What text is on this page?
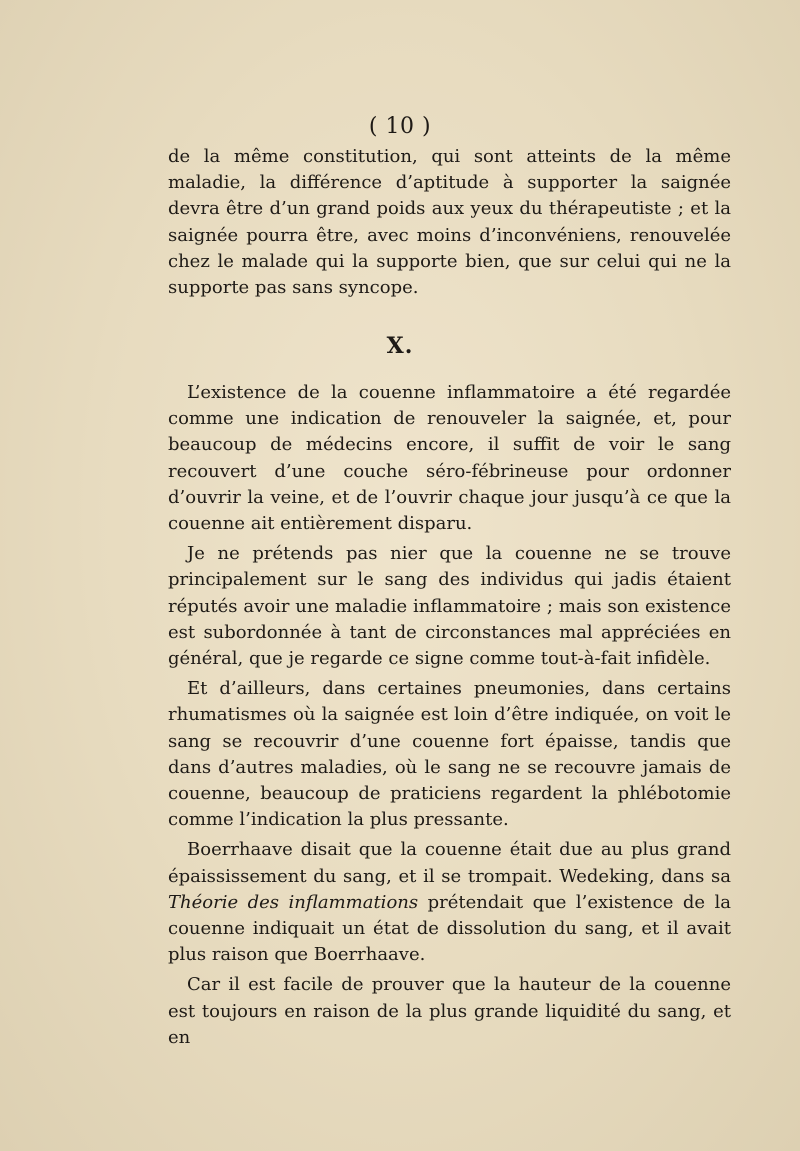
( 10 )

de la même constitution, qui sont atteints de la même maladie, la différence d’aptitude à supporter la saignée devra être d’un grand poids aux yeux du thérapeutiste ; et la saignée pourra être, avec moins d’inconvéniens, renouvelée chez le malade qui la supporte bien, que sur celui qui ne la supporte pas sans syncope.

X.

L’existence de la couenne inflammatoire a été regardée comme une indication de renouveler la saignée, et, pour beaucoup de médecins encore, il suffit de voir le sang recouvert d’une couche séro-fébrineuse pour ordonner d’ouvrir la veine, et de l’ouvrir chaque jour jusqu’à ce que la couenne ait entièrement disparu.

Je ne prétends pas nier que la couenne ne se trouve principalement sur le sang des individus qui jadis étaient réputés avoir une maladie inflammatoire ; mais son existence est subordonnée à tant de circonstances mal appréciées en général, que je regarde ce signe comme tout-à-fait infidèle.

Et d’ailleurs, dans certaines pneumonies, dans certains rhumatismes où la saignée est loin d’être indiquée, on voit le sang se recouvrir d’une couenne fort épaisse, tandis que dans d’autres maladies, où le sang ne se recouvre jamais de couenne, beaucoup de praticiens regardent la phlébotomie comme l’indication la plus pressante.

Boerrhaave disait que la couenne était due au plus grand épaississement du sang, et il se trompait. Wedeking, dans sa Théorie des inflammations prétendait que l’existence de la couenne indiquait un état de dissolution du sang, et il avait plus raison que Boerrhaave.

Car il est facile de prouver que la hauteur de la couenne est toujours en raison de la plus grande liquidité du sang, et en
